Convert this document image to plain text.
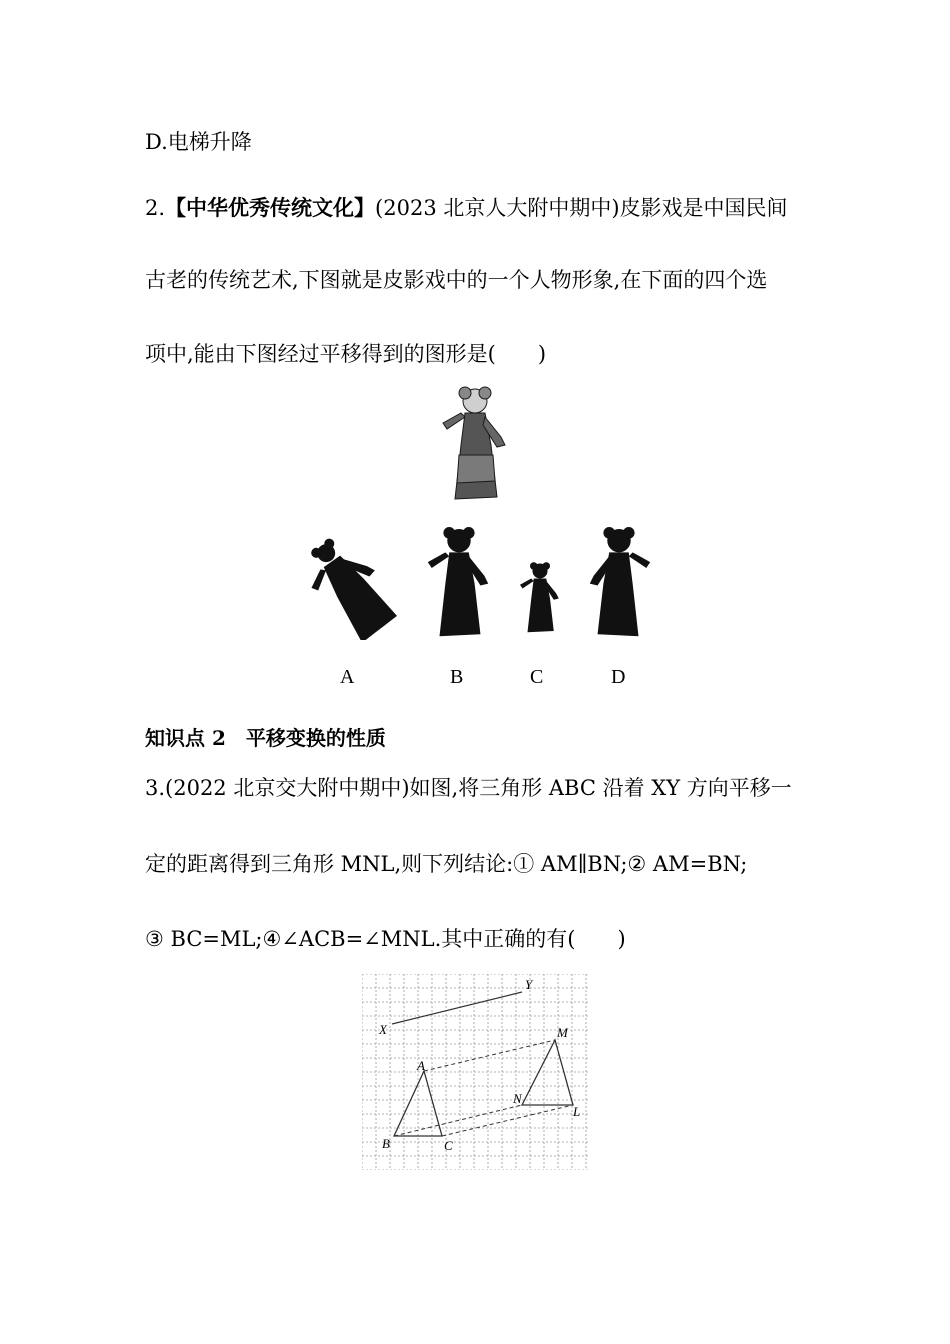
D.电梯升降
2.【中华优秀传统文化】(2023 北京人大附中期中)皮影戏是中国民间
古老的传统艺术,下图就是皮影戏中的一个人物形象,在下面的四个选
项中,能由下图经过平移得到的图形是(　　)
A	B	C	D
知识点 2　平移变换的性质
3.(2022 北京交大附中期中)如图,将三角形 ABC 沿着 XY 方向平移一
定的距离得到三角形 MNL,则下列结论:① AM∥BN;② AM=BN;
③ BC=ML;④∠ACB=∠MNL.其中正确的有(　　)
X
Y
A
B	C
M
N
L
